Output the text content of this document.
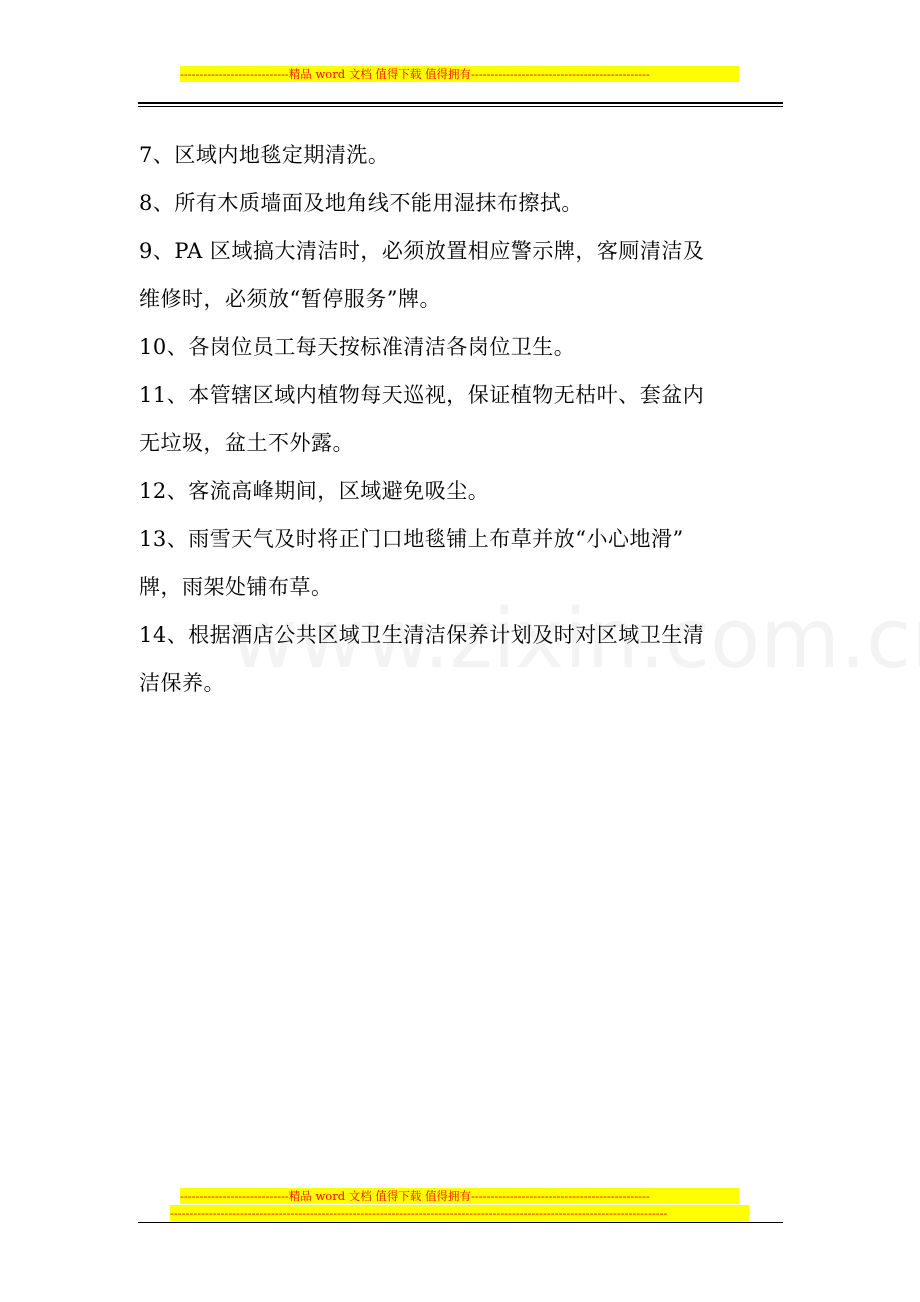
----------------------------精品 word 文档 值得下载 值得拥有----------------------------------------------

7、区域内地毯定期清洗。

8、所有木质墙面及地角线不能用湿抹布擦拭。

9、PA 区域搞大清洁时，必须放置相应警示牌，客厕清洁及

维修时，必须放“暂停服务”牌。

10、各岗位员工每天按标准清洁各岗位卫生。

11、本管辖区域内植物每天巡视，保证植物无枯叶、套盆内

无垃圾，盆土不外露。

12、客流高峰期间，区域避免吸尘。

13、雨雪天气及时将正门口地毯铺上布草并放“小心地滑”

牌，雨架处铺布草。

14、根据酒店公共区域卫生清洁保养计划及时对区域卫生清

洁保养。

----------------------------精品 word 文档 值得下载 值得拥有----------------------------------------------
--------------------------------------------------------------------------------------------------------------------------------
